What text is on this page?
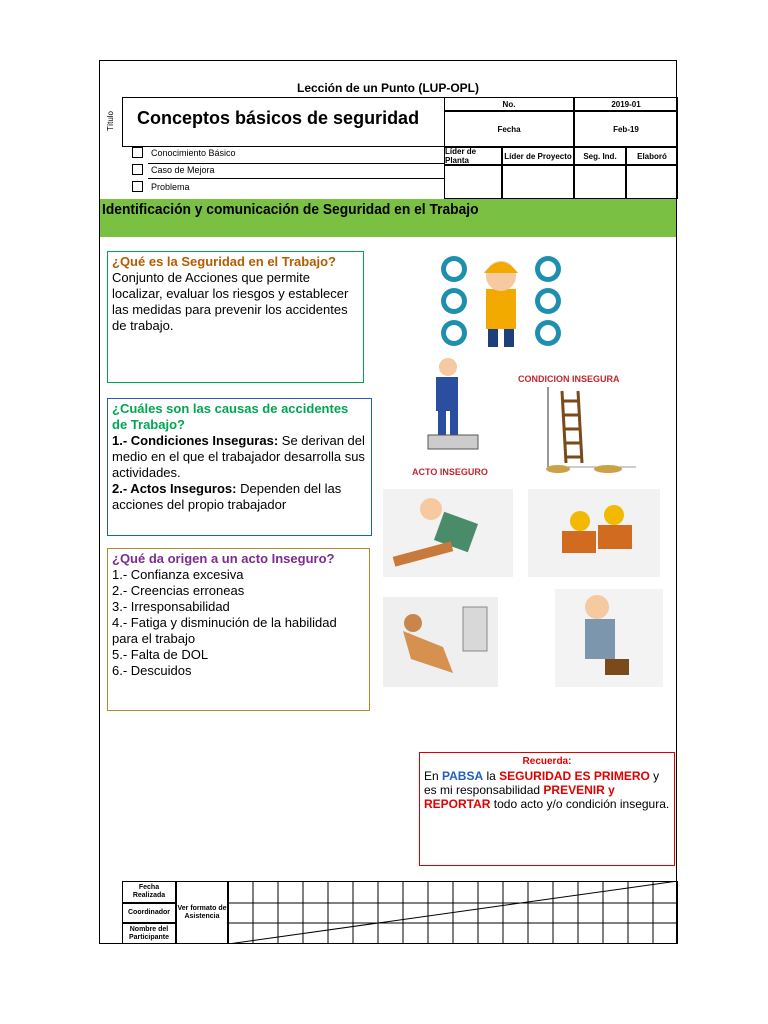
Lección de un Punto (LUP-OPL)
Título Conceptos básicos de seguridad
No.	2019-01
Fecha	Feb-19
Líder de Planta	Líder de Proyecto	Seg. Ind.	Elaboró
Conocimiento Básico
Caso de Mejora
Problema
Identificación y comunicación de Seguridad en el Trabajo
¿Qué es la Seguridad en el Trabajo?
Conjunto de Acciones que permite localizar, evaluar los riesgos y establecer las medidas para prevenir los accidentes de trabajo.
¿Cuáles son las causas de accidentes de Trabajo?
1.- Condiciones Inseguras: Se derivan del medio en el que el trabajador desarrolla sus actividades.
2.- Actos Inseguros: Dependen del las acciones del propio trabajador
¿Qué da origen a un acto Inseguro?
1.- Confianza excesiva
2.- Creencias erroneas
3.- Irresponsabilidad
4.- Fatiga y disminución de la habilidad para el trabajo
5.- Falta de DOL
6.- Descuidos
ACTO INSEGURO
CONDICION INSEGURA
Recuerda:
En PABSA la SEGURIDAD ES PRIMERO y es mi responsabilidad PREVENIR y REPORTAR todo acto y/o condición insegura.
Fecha Realizada
Coordinador
Nombre del Participante
Ver formato de Asistencia
